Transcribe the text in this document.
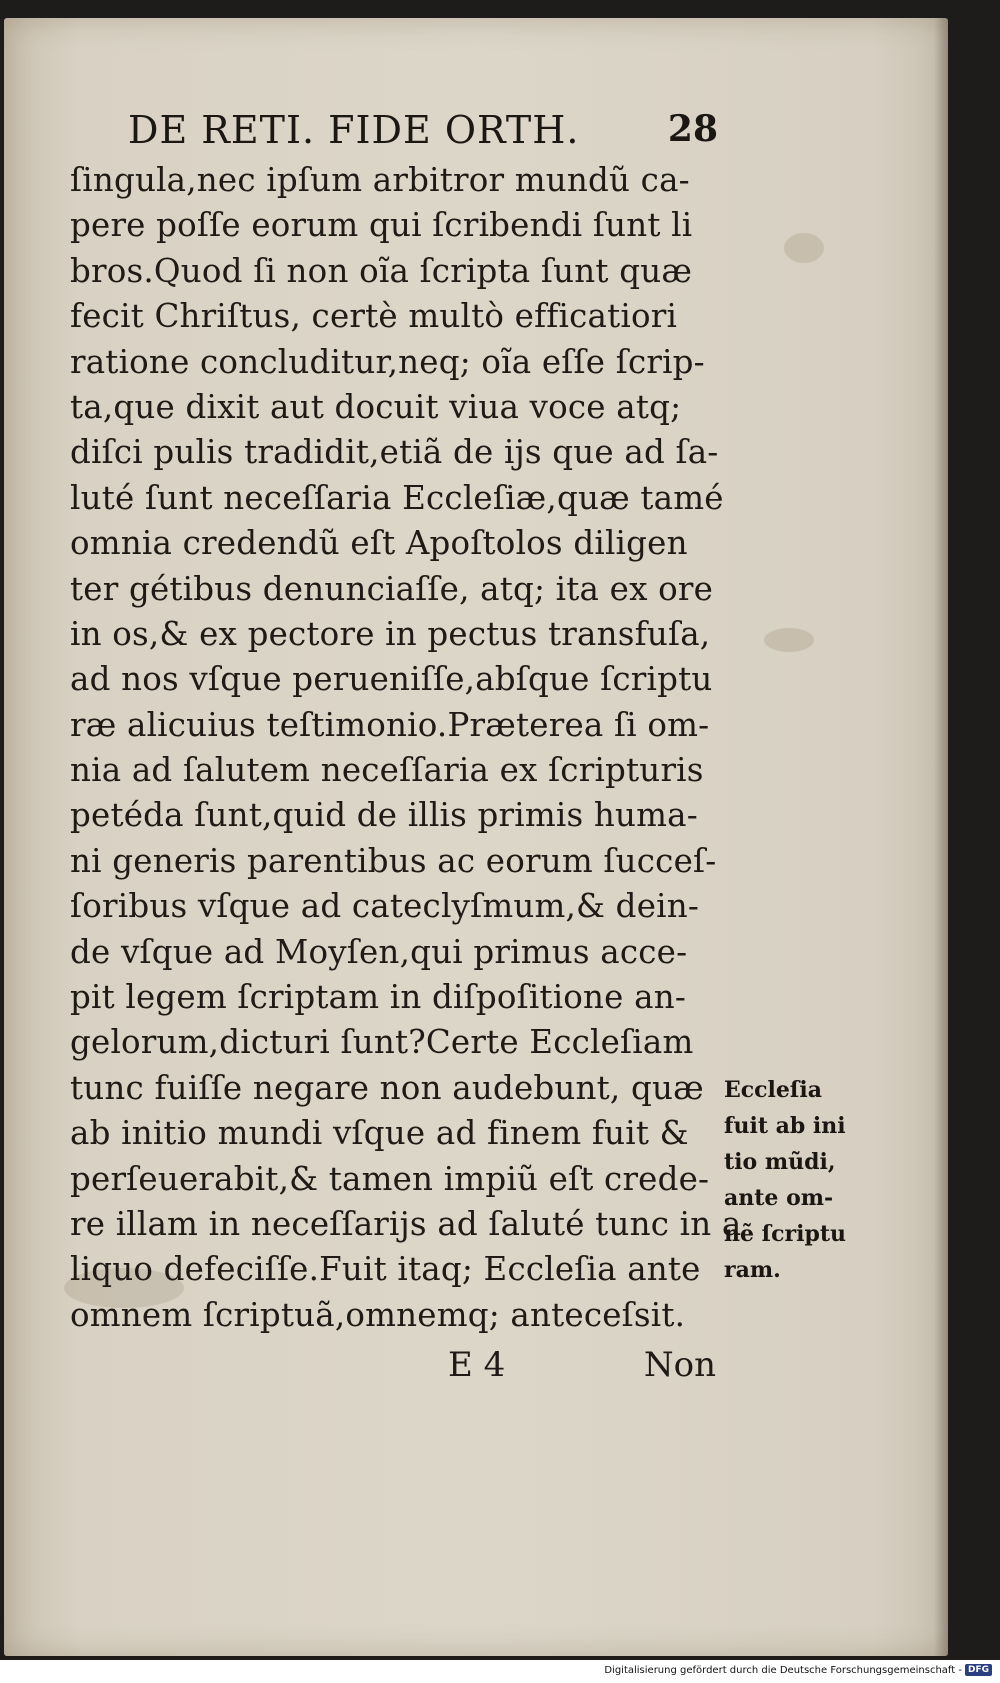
DE RETI. FIDE ORTH. 28
ſingula,nec ipſum arbitror mundũ ca-
pere poſſe eorum qui ſcribendi ſunt li
bros.Quod ſi non oĩa ſcripta ſunt quæ
fecit Chriſtus, certè multò efficatiori
ratione concluditur,neq; oĩa eſſe ſcrip-
ta,que dixit aut docuit viua voce atq;
diſci pulis tradidit,etiã de ijs que ad ſa-
luté ſunt neceſſaria Eccleſiæ,quæ tamé
omnia credendũ eſt Apoſtolos diligen
ter gétibus denunciaſſe, atq; ita ex ore
in os,& ex pectore in pectus transfuſa,
ad nos vſque perueniſſe,abſque ſcriptu
ræ alicuius teſtimonio.Præterea ſi om-
nia ad ſalutem neceſſaria ex ſcripturis
petéda ſunt,quid de illis primis huma-
ni generis parentibus ac eorum ſucceſ-
ſoribus vſque ad cateclyſmum,& dein-
de vſque ad Moyſen,qui primus acce-
pit legem ſcriptam in diſpoſitione an-
gelorum,dicturi ſunt?Certe Eccleſiam
tunc fuiſſe negare non audebunt, quæ
ab initio mundi vſque ad finem fuit &
perſeuerabit,& tamen impiũ eſt crede-
re illam in neceſſarijs ad ſaluté tunc in a
liquo defeciſſe.Fuit itaq; Eccleſia ante
omnem ſcriptuã,omnemq; anteceſsit.
Eccleſia
fuit ab ini
tio mũdi,
ante om-
nẽ ſcriptu
ram.
E 4	Non
Digitalisierung gefördert durch die Deutsche Forschungsgemeinschaft - DFG
